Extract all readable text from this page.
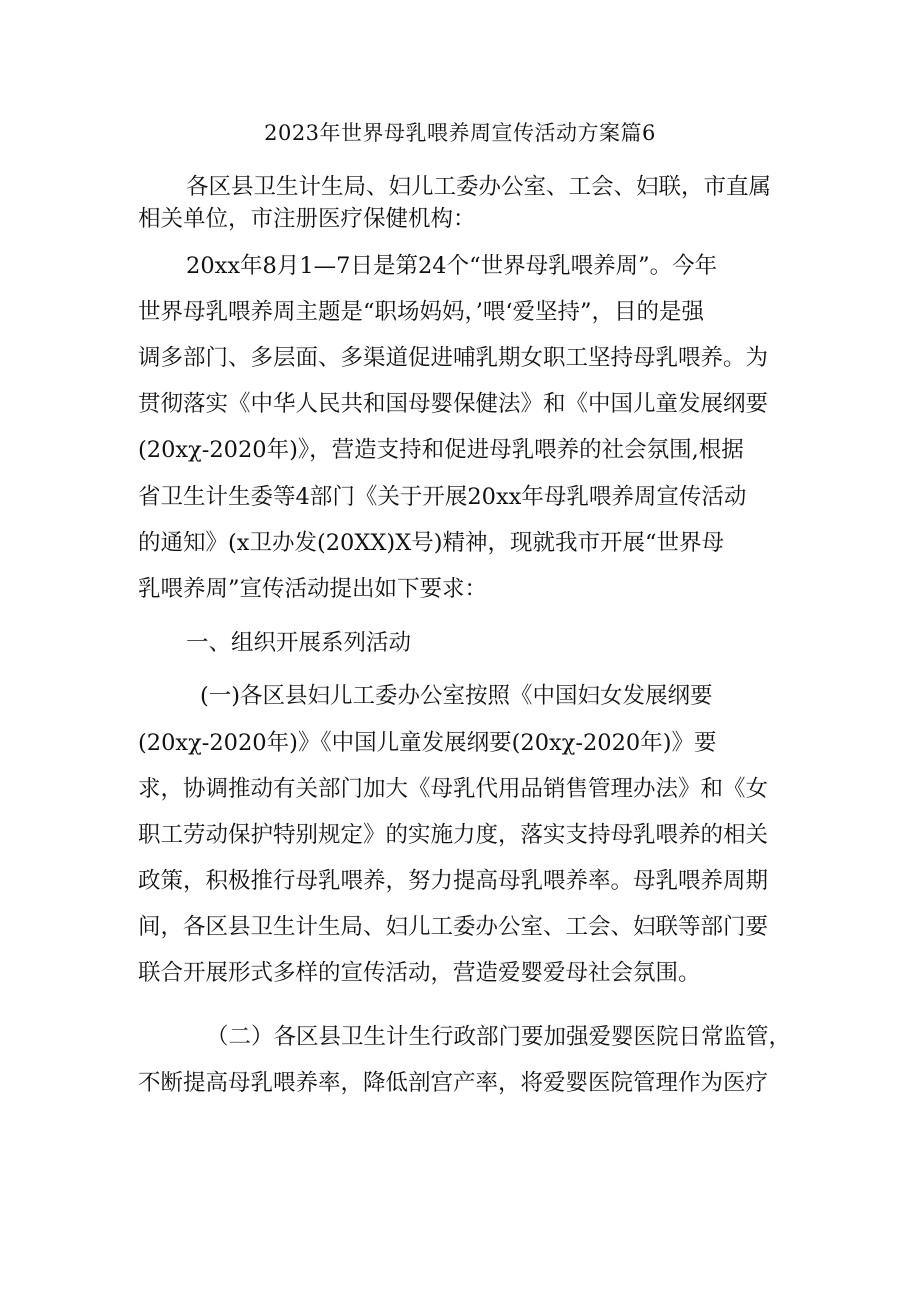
2023年世界母乳喂养周宣传活动方案篇6
各区县卫生计生局、妇儿工委办公室、工会、妇联，市直属
相关单位，市注册医疗保健机构：
20xx年8月1—7日是第24个“世界母乳喂养周”。今年
世界母乳喂养周主题是“职场妈妈，’喂‘爱坚持”，目的是强
调多部门、多层面、多渠道促进哺乳期女职工坚持母乳喂养。为
贯彻落实《中华人民共和国母婴保健法》和《中国儿童发展纲要
(20xχ-2020年)》，营造支持和促进母乳喂养的社会氛围,根据
省卫生计生委等4部门《关于开展20xx年母乳喂养周宣传活动
的通知》(x卫办发(20XX)X号)精神，现就我市开展“世界母
乳喂养周”宣传活动提出如下要求：
一、组织开展系列活动
(一)各区县妇儿工委办公室按照《中国妇女发展纲要
(20xχ-2020年)》《中国儿童发展纲要(20xχ-2020年)》要
求，协调推动有关部门加大《母乳代用品销售管理办法》和《女
职工劳动保护特别规定》的实施力度，落实支持母乳喂养的相关
政策，积极推行母乳喂养，努力提高母乳喂养率。母乳喂养周期
间，各区县卫生计生局、妇儿工委办公室、工会、妇联等部门要
联合开展形式多样的宣传活动，营造爱婴爱母社会氛围。
（二）各区县卫生计生行政部门要加强爱婴医院日常监管，
不断提高母乳喂养率，降低剖宫产率，将爱婴医院管理作为医疗
